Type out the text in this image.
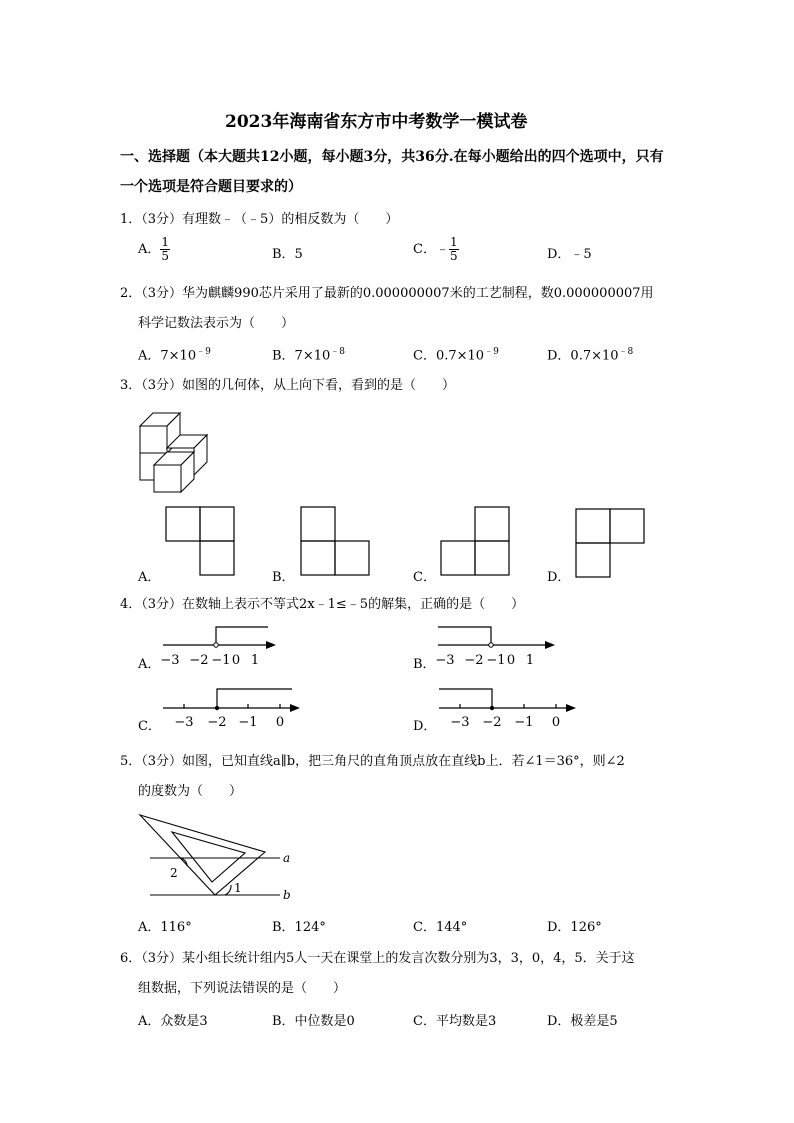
2023年海南省东方市中考数学一模试卷
一、选择题（本大题共12小题，每小题3分，共36分.在每小题给出的四个选项中，只有
一个选项是符合题目要求的）
1．（3分）有理数﹣（﹣5）的相反数为（　　）
A． $\frac{1}{5}$	B．5	C．﹣ $\frac{1}{5}$	D．﹣5
2．（3分）华为麒麟990芯片采用了最新的0.000000007米的工艺制程，数0.000000007用
科学记数法表示为（　　）
A．$7\times 10^{﹣9}$	B．$7\times 10^{﹣8}$	C．$0.7\times 10^{﹣9}$	D．$0.7\times 10^{﹣8}$
3．（3分）如图的几何体，从上向下看，看到的是（　　）
A．	B．	C．	D．
4．（3分）在数轴上表示不等式2x﹣1≤﹣5的解集，正确的是（　　）
A． −3 −2 −1 0 1	B． −3 −2 −1 0 1
C． −3 −2 −1 0	D． −3 −2 −1 0
5．（3分）如图，已知直线a∥b，把三角尺的直角顶点放在直线b上．若∠1＝36°，则∠2
的度数为（　　）
a
b
1
2
A．116°	B．124°	C．144°	D．126°
6．（3分）某小组长统计组内5人一天在课堂上的发言次数分别为3，3，0，4，5．关于这
组数据，下列说法错误的是（　　）
A．众数是3	B．中位数是0	C．平均数是3	D．极差是5
